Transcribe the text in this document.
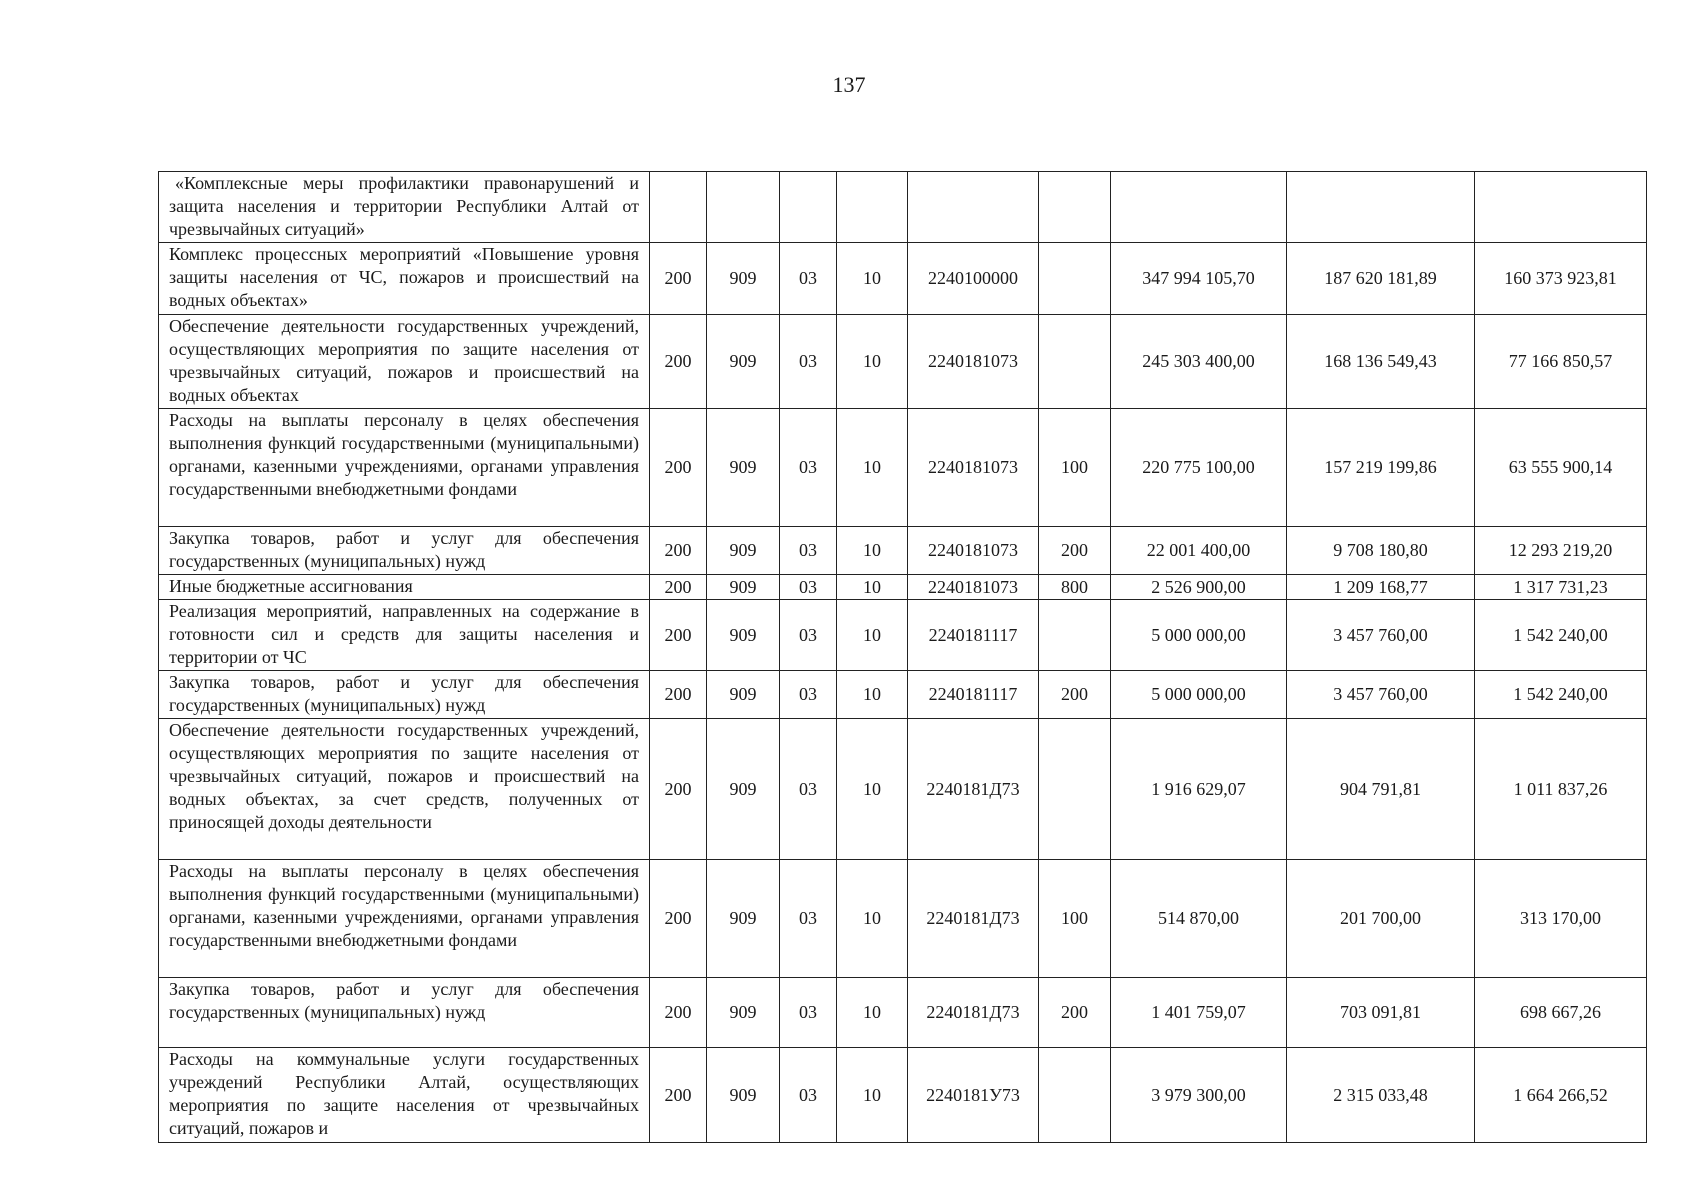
137
«Комплексные меры профилактики правонарушений и защита населения и территории Республики Алтай от чрезвычайных ситуаций»									
Комплекс процессных мероприятий «Повышение уровня защиты населения от ЧС, пожаров и происшествий на водных объектах»	200	909	03	10	2240100000		347 994 105,70	187 620 181,89	160 373 923,81
Обеспечение деятельности государственных учреждений, осуществляющих мероприятия по защите населения от чрезвычайных ситуаций, пожаров и происшествий на водных объектах	200	909	03	10	2240181073		245 303 400,00	168 136 549,43	77 166 850,57
Расходы на выплаты персоналу в целях обеспечения выполнения функций государственными (муниципальными) органами, казенными учреждениями, органами управления государственными внебюджетными фондами	200	909	03	10	2240181073	100	220 775 100,00	157 219 199,86	63 555 900,14
Закупка товаров, работ и услуг для обеспечения государственных (муниципальных) нужд	200	909	03	10	2240181073	200	22 001 400,00	9 708 180,80	12 293 219,20
Иные бюджетные ассигнования	200	909	03	10	2240181073	800	2 526 900,00	1 209 168,77	1 317 731,23
Реализация мероприятий, направленных на содержание в готовности сил и средств для защиты населения и территории от ЧС	200	909	03	10	2240181117		5 000 000,00	3 457 760,00	1 542 240,00
Закупка товаров, работ и услуг для обеспечения государственных (муниципальных) нужд	200	909	03	10	2240181117	200	5 000 000,00	3 457 760,00	1 542 240,00
Обеспечение деятельности государственных учреждений, осуществляющих мероприятия по защите населения от чрезвычайных ситуаций, пожаров и происшествий на водных объектах, за счет средств, полученных от приносящей доходы деятельности	200	909	03	10	2240181Д73		1 916 629,07	904 791,81	1 011 837,26
Расходы на выплаты персоналу в целях обеспечения выполнения функций государственными (муниципальными) органами, казенными учреждениями, органами управления государственными внебюджетными фондами	200	909	03	10	2240181Д73	100	514 870,00	201 700,00	313 170,00
Закупка товаров, работ и услуг для обеспечения государственных (муниципальных) нужд	200	909	03	10	2240181Д73	200	1 401 759,07	703 091,81	698 667,26
Расходы на коммунальные услуги государственных учреждений Республики Алтай, осуществляющих мероприятия по защите населения от чрезвычайных ситуаций, пожаров и	200	909	03	10	2240181У73		3 979 300,00	2 315 033,48	1 664 266,52
